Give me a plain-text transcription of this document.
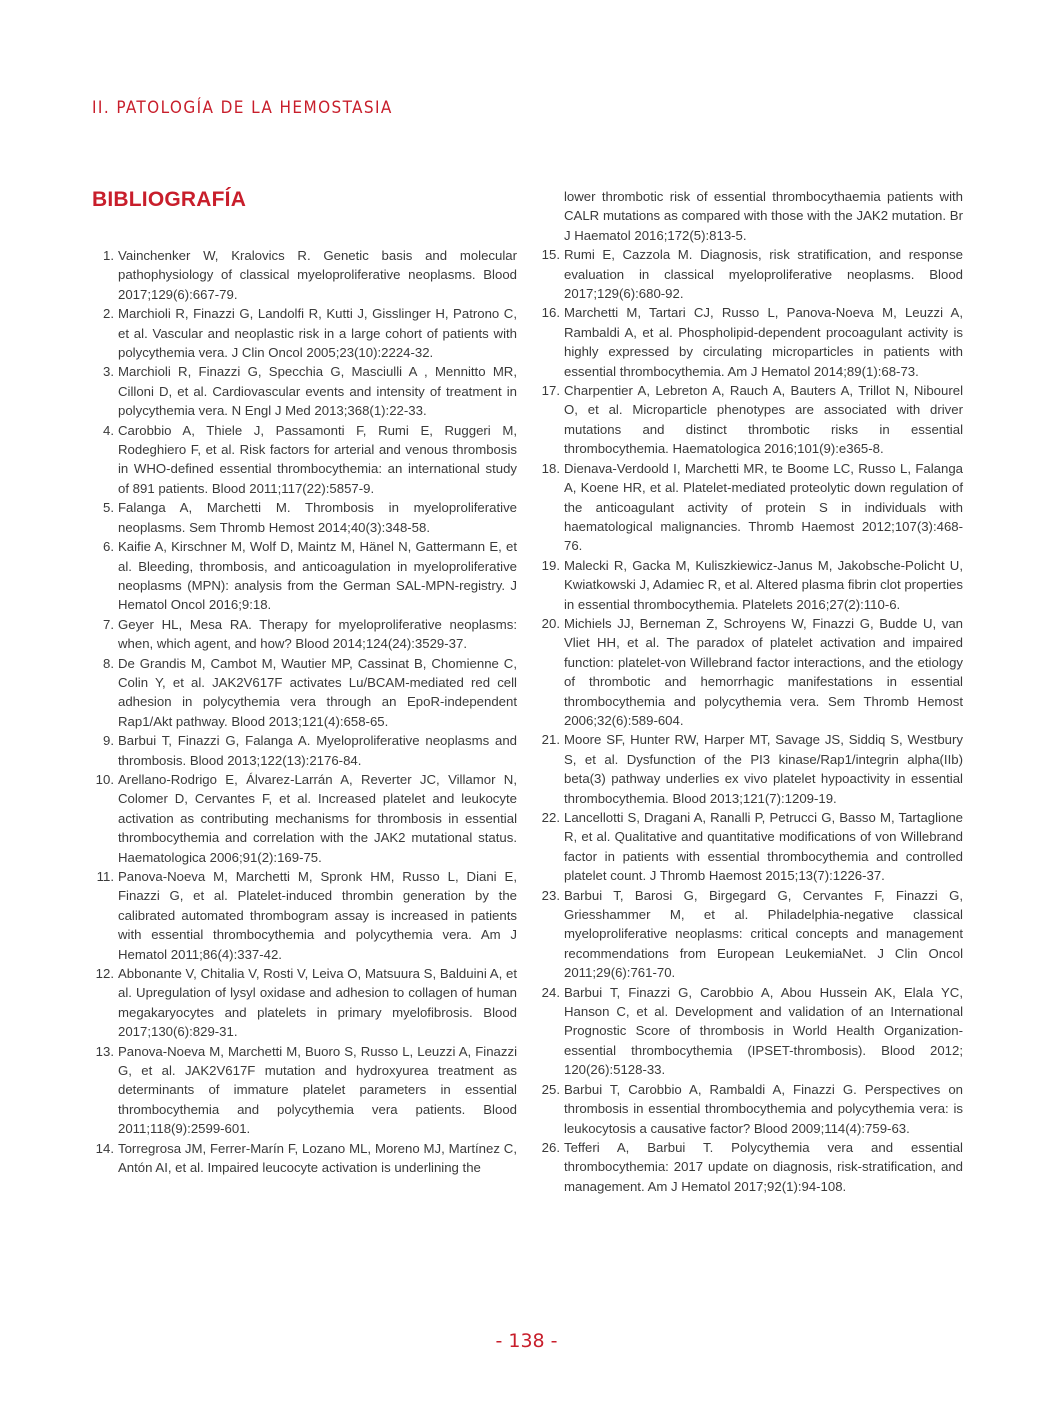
II. PATOLOGÍA DE LA HEMOSTASIA
BIBLIOGRAFÍA
1. Vainchenker W, Kralovics R. Genetic basis and molecular pathophysiology of classical myeloproliferative neoplasms. Blood 2017;129(6):667-79.
2. Marchioli R, Finazzi G, Landolfi R, Kutti J, Gisslinger H, Patrono C, et al. Vascular and neoplastic risk in a large cohort of patients with polycythemia vera. J Clin Oncol 2005;23(10):2224-32.
3. Marchioli R, Finazzi G, Specchia G, Masciulli A , Mennitto MR, Cilloni D, et al. Cardiovascular events and intensity of treatment in polycythemia vera. N Engl J Med 2013;368(1):22-33.
4. Carobbio A, Thiele J, Passamonti F, Rumi E, Ruggeri M, Rodeghiero F, et al. Risk factors for arterial and venous thrombosis in WHO-defined essential thrombocythemia: an international study of 891 patients. Blood 2011;117(22):5857-9.
5. Falanga A, Marchetti M. Thrombosis in myeloproliferative neoplasms. Sem Thromb Hemost 2014;40(3):348-58.
6. Kaifie A, Kirschner M, Wolf D, Maintz M, Hänel N, Gattermann E, et al. Bleeding, thrombosis, and anticoagulation in myeloproliferative neoplasms (MPN): analysis from the German SAL-MPN-registry. J Hematol Oncol 2016;9:18.
7. Geyer HL, Mesa RA. Therapy for myeloproliferative neoplasms: when, which agent, and how? Blood 2014;124(24):3529-37.
8. De Grandis M, Cambot M, Wautier MP, Cassinat B, Chomienne C, Colin Y, et al. JAK2V617F activates Lu/BCAM-mediated red cell adhesion in polycythemia vera through an EpoR-independent Rap1/Akt pathway. Blood 2013;121(4):658-65.
9. Barbui T, Finazzi G, Falanga A. Myeloproliferative neoplasms and thrombosis. Blood 2013;122(13):2176-84.
10. Arellano-Rodrigo E, Álvarez-Larrán A, Reverter JC, Villamor N, Colomer D, Cervantes F, et al. Increased platelet and leukocyte activation as contributing mechanisms for thrombosis in essential thrombocythemia and correlation with the JAK2 mutational status. Haematologica 2006;91(2):169-75.
11. Panova-Noeva M, Marchetti M, Spronk HM, Russo L, Diani E, Finazzi G, et al. Platelet-induced thrombin generation by the calibrated automated thrombogram assay is increased in patients with essential thrombocythemia and polycythemia vera. Am J Hematol 2011;86(4):337-42.
12. Abbonante V, Chitalia V, Rosti V, Leiva O, Matsuura S, Balduini A, et al. Upregulation of lysyl oxidase and adhesion to collagen of human megakaryocytes and platelets in primary myelofibrosis. Blood 2017;130(6):829-31.
13. Panova-Noeva M, Marchetti M, Buoro S, Russo L, Leuzzi A, Finazzi G, et al. JAK2V617F mutation and hydroxyurea treatment as determinants of immature platelet parameters in essential thrombocythemia and polycythemia vera patients. Blood 2011;118(9):2599-601.
14. Torregrosa JM, Ferrer-Marín F, Lozano ML, Moreno MJ, Martínez C, Antón AI, et al. Impaired leucocyte activation is underlining the
lower thrombotic risk of essential thrombocythaemia patients with CALR mutations as compared with those with the JAK2 mutation. Br J Haematol 2016;172(5):813-5.
15. Rumi E, Cazzola M. Diagnosis, risk stratification, and response evaluation in classical myeloproliferative neoplasms. Blood 2017;129(6):680-92.
16. Marchetti M, Tartari CJ, Russo L, Panova-Noeva M, Leuzzi A, Rambaldi A, et al. Phospholipid-dependent procoagulant activity is highly expressed by circulating microparticles in patients with essential thrombocythemia. Am J Hematol 2014;89(1):68-73.
17. Charpentier A, Lebreton A, Rauch A, Bauters A, Trillot N, Nibourel O, et al. Microparticle phenotypes are associated with driver mutations and distinct thrombotic risks in essential thrombocythemia. Haematologica 2016;101(9):e365-8.
18. Dienava-Verdoold I, Marchetti MR, te Boome LC, Russo L, Falanga A, Koene HR, et al. Platelet-mediated proteolytic down regulation of the anticoagulant activity of protein S in individuals with haematological malignancies. Thromb Haemost 2012;107(3):468-76.
19. Malecki R, Gacka M, Kuliszkiewicz-Janus M, Jakobsche-Policht U, Kwiatkowski J, Adamiec R, et al. Altered plasma fibrin clot properties in essential thrombocythemia. Platelets 2016;27(2):110-6.
20. Michiels JJ, Berneman Z, Schroyens W, Finazzi G, Budde U, van Vliet HH, et al. The paradox of platelet activation and impaired function: platelet-von Willebrand factor interactions, and the etiology of thrombotic and hemorrhagic manifestations in essential thrombocythemia and polycythemia vera. Sem Thromb Hemost 2006;32(6):589-604.
21. Moore SF, Hunter RW, Harper MT, Savage JS, Siddiq S, Westbury S, et al. Dysfunction of the PI3 kinase/Rap1/integrin alpha(IIb) beta(3) pathway underlies ex vivo platelet hypoactivity in essential thrombocythemia. Blood 2013;121(7):1209-19.
22. Lancellotti S, Dragani A, Ranalli P, Petrucci G, Basso M, Tartaglione R, et al. Qualitative and quantitative modifications of von Willebrand factor in patients with essential thrombocythemia and controlled platelet count. J Thromb Haemost 2015;13(7):1226-37.
23. Barbui T, Barosi G, Birgegard G, Cervantes F, Finazzi G, Griesshammer M, et al. Philadelphia-negative classical myeloproliferative neoplasms: critical concepts and management recommendations from European LeukemiaNet. J Clin Oncol 2011;29(6):761-70.
24. Barbui T, Finazzi G, Carobbio A, Abou Hussein AK, Elala YC, Hanson C, et al. Development and validation of an International Prognostic Score of thrombosis in World Health Organization-essential thrombocythemia (IPSET-thrombosis). Blood 2012; 120(26):5128-33.
25. Barbui T, Carobbio A, Rambaldi A, Finazzi G. Perspectives on thrombosis in essential thrombocythemia and polycythemia vera: is leukocytosis a causative factor? Blood 2009;114(4):759-63.
26. Tefferi A, Barbui T. Polycythemia vera and essential thrombocythemia: 2017 update on diagnosis, risk-stratification, and management. Am J Hematol 2017;92(1):94-108.
- 138 -
